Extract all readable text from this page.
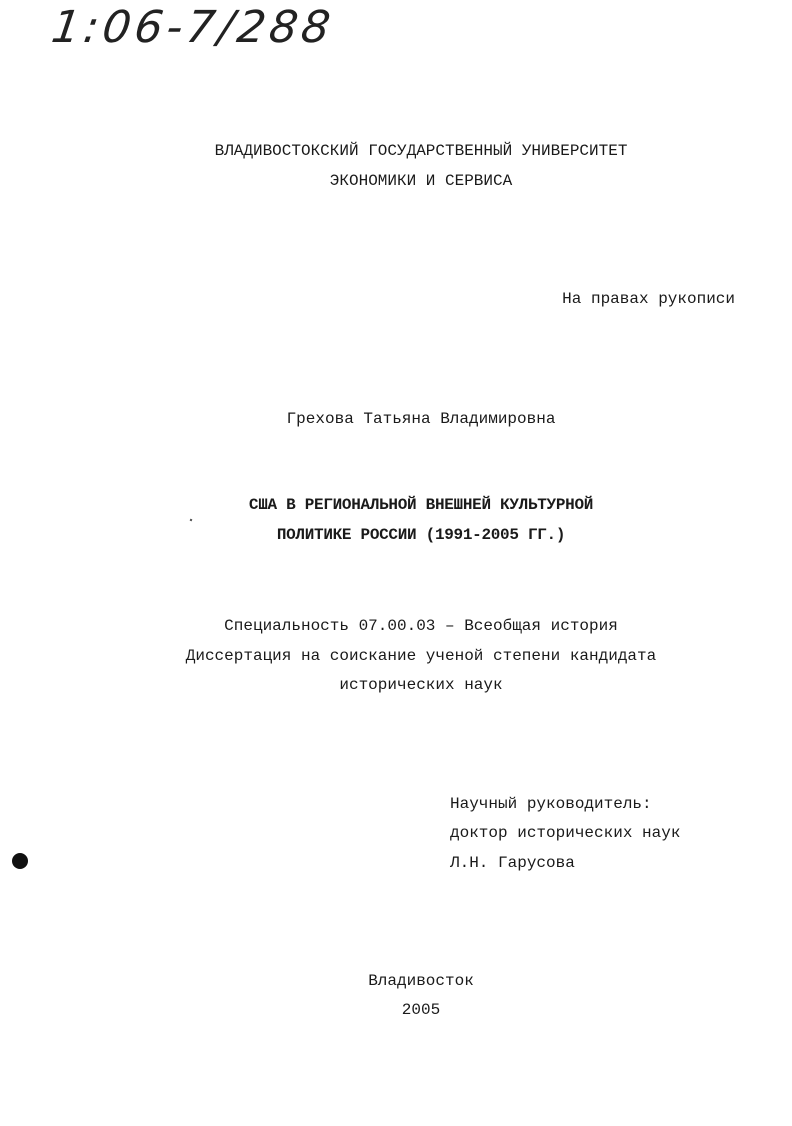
1:06-7/288
ВЛАДИВОСТОКСКИЙ ГОСУДАРСТВЕННЫЙ УНИВЕРСИТЕТ
ЭКОНОМИКИ И СЕРВИСА
На правах рукописи
Грехова Татьяна Владимировна
США В РЕГИОНАЛЬНОЙ ВНЕШНЕЙ КУЛЬТУРНОЙ
ПОЛИТИКЕ РОССИИ (1991-2005 ГГ.)
Специальность 07.00.03 – Всеобщая история
Диссертация на соискание ученой степени кандидата
исторических наук
Научный руководитель:
доктор исторических наук
Л.Н. Гарусова
Владивосток
2005
